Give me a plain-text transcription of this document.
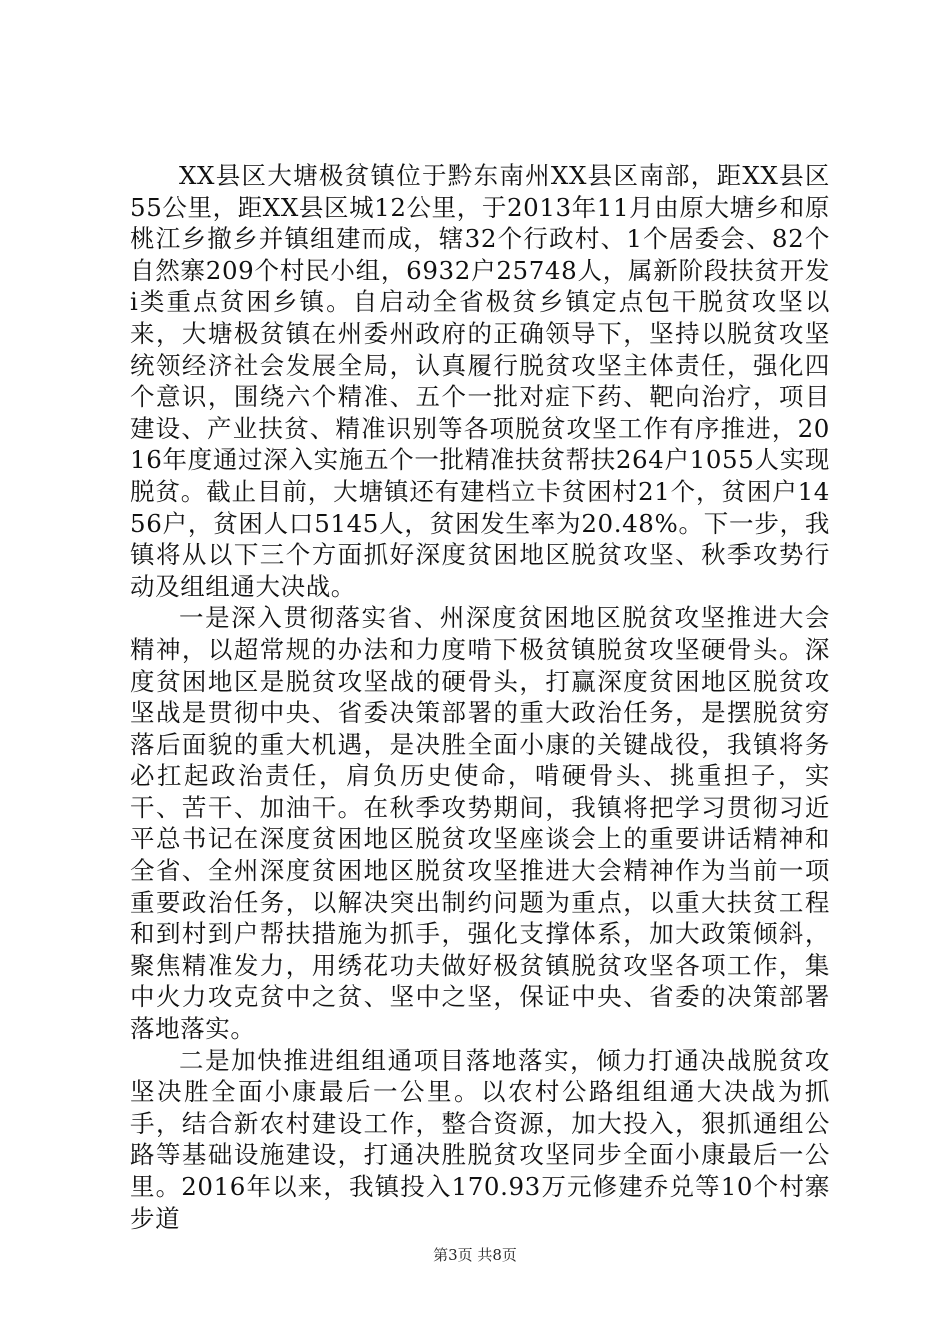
XX县区大塘极贫镇位于黔东南州XX县区南部，距XX县区55公里，距XX县区城12公里，于2013年11月由原大塘乡和原桃江乡撤乡并镇组建而成，辖32个行政村、1个居委会、82个自然寨209个村民小组，6932户25748人，属新阶段扶贫开发ⅰ类重点贫困乡镇。自启动全省极贫乡镇定点包干脱贫攻坚以来，大塘极贫镇在州委州政府的正确领导下，坚持以脱贫攻坚统领经济社会发展全局，认真履行脱贫攻坚主体责任，强化四个意识，围绕六个精准、五个一批对症下药、靶向治疗，项目建设、产业扶贫、精准识别等各项脱贫攻坚工作有序推进，2016年度通过深入实施五个一批精准扶贫帮扶264户1055人实现脱贫。截止目前，大塘镇还有建档立卡贫困村21个，贫困户1456户，贫困人口5145人，贫困发生率为20.48%。下一步，我镇将从以下三个方面抓好深度贫困地区脱贫攻坚、秋季攻势行动及组组通大决战。

一是深入贯彻落实省、州深度贫困地区脱贫攻坚推进大会精神，以超常规的办法和力度啃下极贫镇脱贫攻坚硬骨头。深度贫困地区是脱贫攻坚战的硬骨头，打赢深度贫困地区脱贫攻坚战是贯彻中央、省委决策部署的重大政治任务，是摆脱贫穷落后面貌的重大机遇，是决胜全面小康的关键战役，我镇将务必扛起政治责任，肩负历史使命，啃硬骨头、挑重担子，实干、苦干、加油干。在秋季攻势期间，我镇将把学习贯彻习近平总书记在深度贫困地区脱贫攻坚座谈会上的重要讲话精神和全省、全州深度贫困地区脱贫攻坚推进大会精神作为当前一项重要政治任务，以解决突出制约问题为重点，以重大扶贫工程和到村到户帮扶措施为抓手，强化支撑体系，加大政策倾斜，聚焦精准发力，用绣花功夫做好极贫镇脱贫攻坚各项工作，集中火力攻克贫中之贫、坚中之坚，保证中央、省委的决策部署落地落实。

二是加快推进组组通项目落地落实，倾力打通决战脱贫攻坚决胜全面小康最后一公里。以农村公路组组通大决战为抓手，结合新农村建设工作，整合资源，加大投入，狠抓通组公路等基础设施建设，打通决胜脱贫攻坚同步全面小康最后一公里。2016年以来，我镇投入170.93万元修建乔兑等10个村寨步道

第3页 共8页
